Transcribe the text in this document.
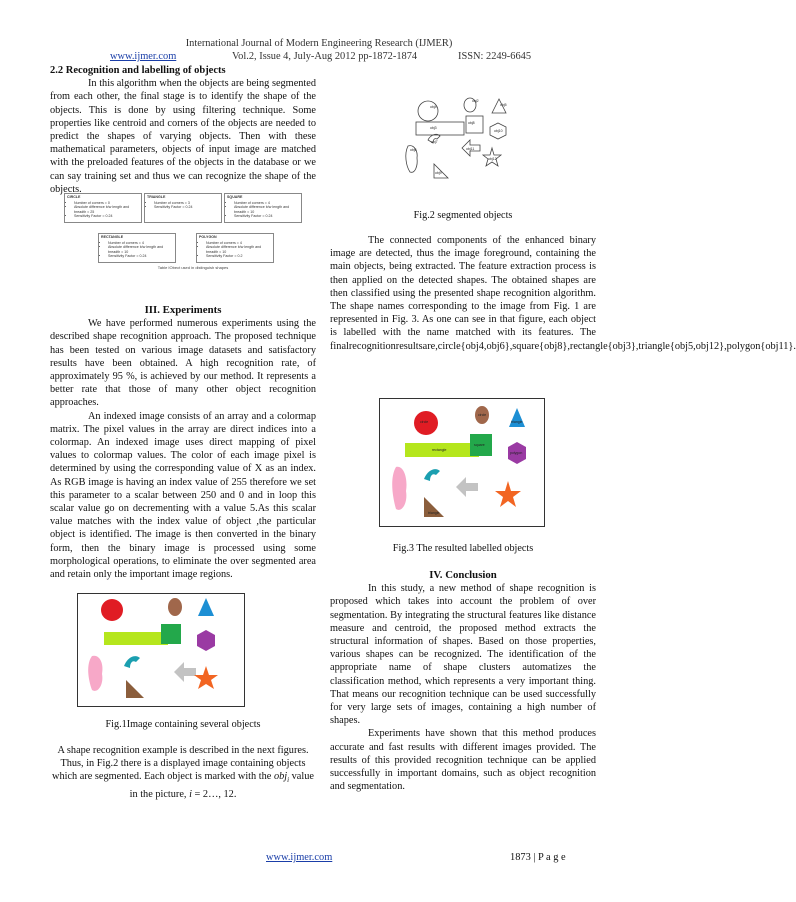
International Journal of Modern Engineering Research (IJMER)
www.ijmer.com	Vol.2, Issue 4, July-Aug 2012 pp-1872-1874	ISSN: 2249-6645

2.2 Recognition and labelling of objects

In this algorithm when the objects are being segmented from each other, the final stage is to identify the shape of the objects. This is done by using filtering technique. Some properties like centroid and corners of the objects are needed to predict the shapes of varying objects. Then with these mathematical parameters, objects of input image are matched with the preloaded features of the objects in the database or we can say training set and thus we can recognize the shape of the objects.

CIRCLE
• Number of corners = 0
• Absolute difference b/w length and breadth = 25
• Sensitivity Factor = 0.24
TRIANGLE
• Number of corners = 3
• Sensitivity Factor = 0.24
SQUARE
• Number of corners = 4
• Absolute difference b/w length and breadth = 10
• Sensitivity Factor = 0.24
RECTANGLE
• Number of corners = 4
• Absolute difference b/w length and breadth = 10
• Sensitivity Factor = 0.24
POLYGON
• Number of corners = 4
• Absolute difference b/w length and breadth = 10
• Sensitivity Factor = 0.2
Table IObect used in distinguish shapes

III. Experiments

We have performed numerous experiments using the described shape recognition approach. The proposed technique has been tested on various image datasets and satisfactory results have been obtained. A high recognition rate, of approximately 95 %, is achieved by our method. It represents a better rate that those of many other object recognition approaches.

An indexed image consists of an array and a colormap matrix. The pixel values in the array are direct indices into a colormap. An indexed image uses direct mapping of pixel values to colormap values. The color of each image pixel is determined by using the corresponding value of X as an index. As RGB image is having an index value of 255 therefore we set this parameter to a scalar between 250 and 0 and in loop this scalar value go on decrementing with a value 5.As this scalar value matches with the index value of object ,the particular object is identified. The image is then converted in the binary form, then the binary image is processed using some morphological operations, to eliminate the over segmented area and retain only the important image regions.

Fig.1Image containing several objects
A shape recognition example is described in the next figures. Thus, in Fig.2 there is a displayed image containing objects which are segmented. Each object is marked with the obj$_i$ value in the picture, i = 2…, 12.
obj4
obj2
obj5
obj3
obj8
obj10
obj6
obj7
obj11
obj12
obj9
Fig.2 segmented objects

The connected components of the enhanced binary image are detected, thus the image foreground, containing the main objects, being extracted. The feature extraction process is then applied on the detected shapes. The obtained shapes are then classified using the presented shape recognition algorithm. The shape names corresponding to the image from Fig. 1 are represented in Fig. 3. As one can see in that figure, each object is labelled with the name matched with its features. The finalrecognitionresultsare,circle{obj4,obj6},square{obj8},rectangle{obj3},triangle{obj5,obj12},polygon{obj11}.

circle
circle
triangle
rectangle
square
polygon
triangle
Fig.3 The resulted labelled objects

IV. Conclusion

In this study, a new method of shape recognition is proposed which takes into account the problem of over segmentation. By integrating the structural features like distance measure and centroid, the proposed method extracts the structural information of shapes. Based on those properties, various shapes can be recognized. The identification of the appropriate name of shape clusters automatizes the classification method, which represents a very important thing. That means our recognition technique can be used successfully for very large sets of images, containing a high number of shapes.

Experiments have shown that this method produces accurate and fast results with different images provided. The results of this provided recognition technique can be applied successfully in important domains, such as object recognition and segmentation.

www.ijmer.com	1873 | P a g e
